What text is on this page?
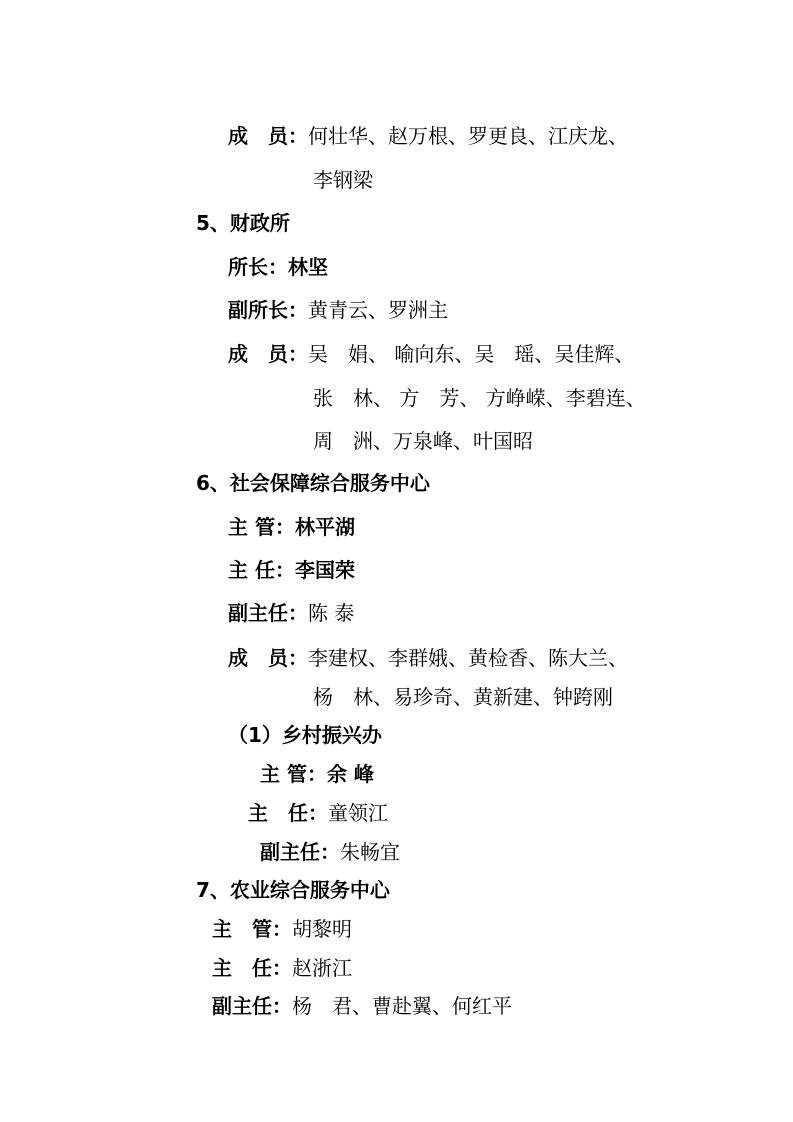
成　员：何壮华、赵万根、罗更良、江庆龙、
李钢梁
5、财政所
所长：林坚
副所长：黄青云、罗洲主
成　员：吴　娟、 喻向东、吴　瑶、吴佳辉、
张　林、 方　芳、 方峥嵘、李碧连、
周　洲、万泉峰、叶国昭
6、社会保障综合服务中心
主 管：林平湖
主 任：李国荣
副主任：陈 泰
成　员：李建权、李群娥、黄检香、陈大兰、
杨　林、易珍奇、黄新建、钟跨刚
（1）乡村振兴办
主 管：余 峰
主　任：童领江
副主任：朱畅宜
7、农业综合服务中心
主　管：胡黎明
主　任：赵浙江
副主任：杨　君、曹赴翼、何红平
